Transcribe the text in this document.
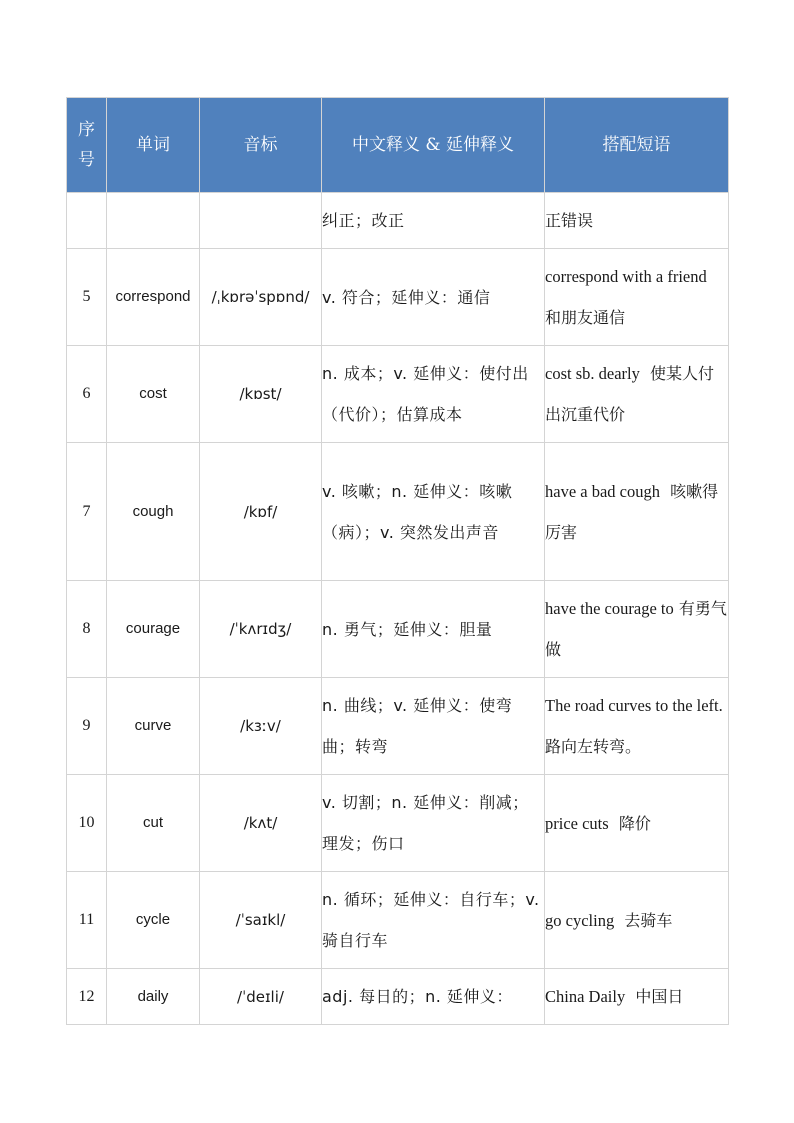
序号	单词	音标	中文释义 & 延伸释义	搭配短语
			纠正；改正	正错误
5	correspond	/ˌkɒrəˈspɒnd/	v. 符合；延伸义：通信	correspond with a friend  和朋友通信
6	cost	/kɒst/	n. 成本；v. 延伸义：使付出（代价）；估算成本	cost sb. dearly 使某人付出沉重代价
7	cough	/kɒf/	v. 咳嗽；n. 延伸义：咳嗽（病）；v. 突然发出声音	have a bad cough 咳嗽得厉害
8	courage	/ˈkʌrɪdʒ/	n. 勇气；延伸义：胆量	have the courage to 有勇气做
9	curve	/kɜːv/	n. 曲线；v. 延伸义：使弯曲；转弯	The road curves to the left.  路向左转弯。
10	cut	/kʌt/	v. 切割；n. 延伸义：削减；理发；伤口	price cuts 降价
11	cycle	/ˈsaɪkl/	n. 循环；延伸义：自行车；v. 骑自行车	go cycling 去骑车
12	daily	/ˈdeɪli/	adj. 每日的；n. 延伸义：	China Daily 中国日
